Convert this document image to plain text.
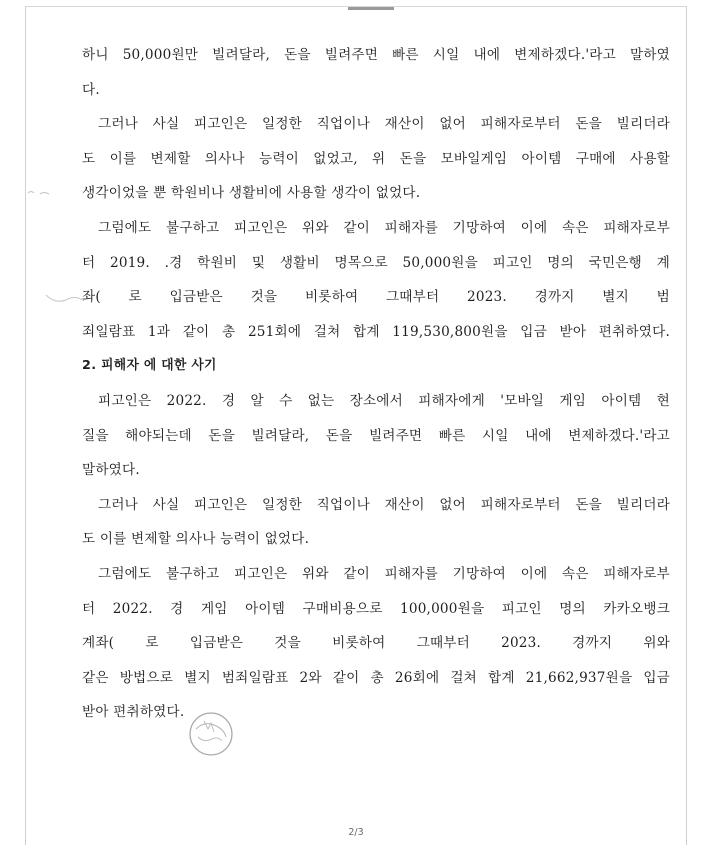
하니 50,000원만 빌려달라, 돈을 빌려주면 빠른 시일 내에 변제하겠다.'라고 말하였
다.
그러나 사실 피고인은 일정한 직업이나 재산이 없어 피해자로부터 돈을 빌리더라
도 이를 변제할 의사나 능력이 없었고, 위 돈을 모바일게임 아이템 구매에 사용할
생각이었을 뿐 학원비나 생활비에 사용할 생각이 없었다.
그럼에도 불구하고 피고인은 위와 같이 피해자를 기망하여 이에 속은 피해자로부
터 2019. .경 학원비 및 생활비 명목으로 50,000원을 피고인 명의 국민은행 계
좌( 로 입금받은 것을 비롯하여 그때부터 2023. 경까지 별지 범
죄일람표 1과 같이 총 251회에 걸쳐 합계 119,530,800원을 입금 받아 편취하였다.
2. 피해자 에 대한 사기
피고인은 2022. 경 알 수 없는 장소에서 피해자에게 '모바일 게임 아이템 현
질을 해야되는데 돈을 빌려달라, 돈을 빌려주면 빠른 시일 내에 변제하겠다.'라고
말하였다.
그러나 사실 피고인은 일정한 직업이나 재산이 없어 피해자로부터 돈을 빌리더라
도 이를 변제할 의사나 능력이 없었다.
그럼에도 불구하고 피고인은 위와 같이 피해자를 기망하여 이에 속은 피해자로부
터 2022. 경 게임 아이템 구매비용으로 100,000원을 피고인 명의 카카오뱅크
계좌( 로 입금받은 것을 비롯하여 그때부터 2023. 경까지 위와
같은 방법으로 별지 범죄일람표 2와 같이 총 26회에 걸쳐 합계 21,662,937원을 입금
받아 편취하였다.
2/3
